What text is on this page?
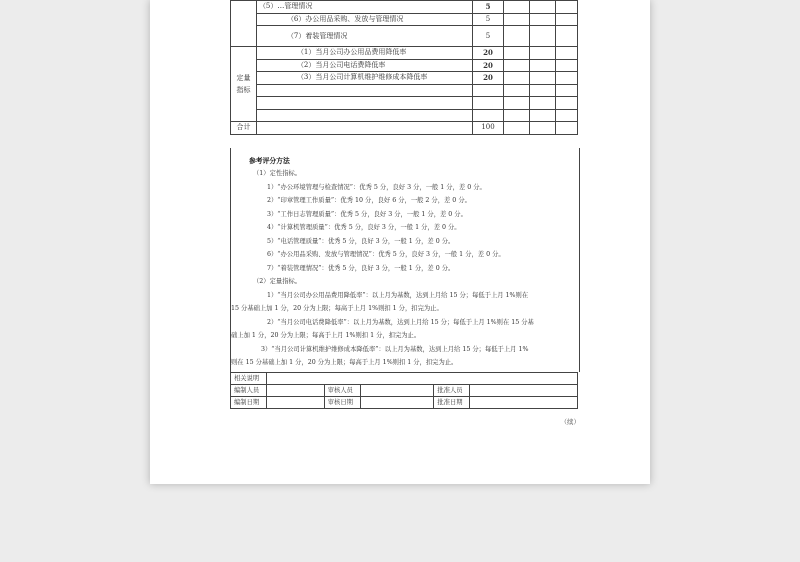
	（5）…管理情况	5			
	（6）办公用品采购、发放与管理情况	5			
	（7）着装管理情况	5			
定量指标	（1）当月公司办公用品费用降低率	20			
	（2）当月公司电话费降低率	20			
	（3）当月公司计算机维护维修成本降低率	20			

合计		100			
参考评分方法
（1）定性指标。
1）“办公环境管理与检查情况”：优秀 5 分，良好 3 分，一般 1 分，差 0 分。
2）“印章管理工作质量”：优秀 10 分，良好 6 分，一般 2 分，差 0 分。
3）“工作日志管理质量”：优秀 5 分，良好 3 分，一般 1 分，差 0 分。
4）“计算机管理质量”：优秀 5 分，良好 3 分，一般 1 分，差 0 分。
5）“电话管理质量”：优秀 5 分，良好 3 分，一般 1 分，差 0 分。
6）“办公用品采购、发放与管理情况”：优秀 5 分，良好 3 分，一般 1 分，差 0 分。
7）“着装管理情况”：优秀 5 分，良好 3 分，一般 1 分，差 0 分。
（2）定量指标。
1）“当月公司办公用品费用降低率”：以上月为基数，达到上月给 15 分；每低于上月 1%则在
15 分基础上加 1 分，20 分为上限；每高于上月 1%则扣 1 分，扣完为止。
2）“当月公司电话费降低率”：以上月为基数，达到上月给 15 分；每低于上月 1%则在 15 分基
础上加 1 分，20 分为上限；每高于上月 1%则扣 1 分，扣完为止。
3）“当月公司计算机维护维修成本降低率”：以上月为基数，达到上月给 15 分；每低于上月 1%
则在 15 分基础上加 1 分，20 分为上限；每高于上月 1%则扣 1 分，扣完为止。
相关说明					
编制人员		审核人员		批准人员	
编制日期		审核日期		批准日期	
（续）
